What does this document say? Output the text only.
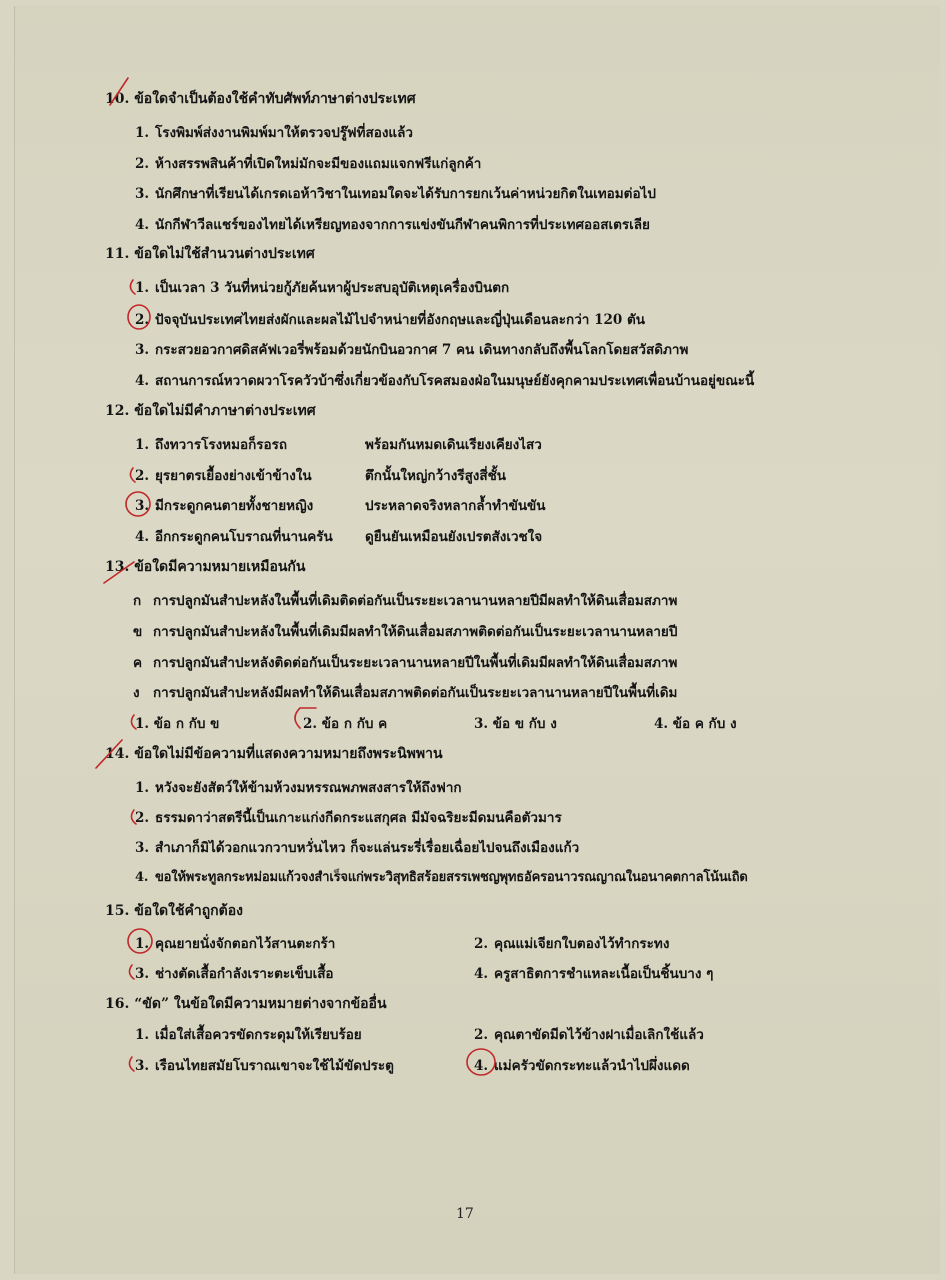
10. ข้อใดจำเป็นต้องใช้คำทับศัพท์ภาษาต่างประเทศ
1. โรงพิมพ์ส่งงานพิมพ์มาให้ตรวจปรู๊ฟที่สองแล้ว
2. ห้างสรรพสินค้าที่เปิดใหม่มักจะมีของแถมแจกฟรีแก่ลูกค้า
3. นักศึกษาที่เรียนได้เกรดเอห้าวิชาในเทอมใดจะได้รับการยกเว้นค่าหน่วยกิตในเทอมต่อไป
4. นักกีฬาวีลแชร์ของไทยได้เหรียญทองจากการแข่งขันกีฬาคนพิการที่ประเทศออสเตรเลีย
11. ข้อใดไม่ใช้สำนวนต่างประเทศ
1. เป็นเวลา 3 วันที่หน่วยกู้ภัยค้นหาผู้ประสบอุบัติเหตุเครื่องบินตก
2. ปัจจุบันประเทศไทยส่งผักและผลไม้ไปจำหน่ายที่อังกฤษและญี่ปุ่นเดือนละกว่า 120 ตัน
3. กระสวยอวกาศดิสคัฟเวอรี่พร้อมด้วยนักบินอวกาศ 7 คน เดินทางกลับถึงพื้นโลกโดยสวัสดิภาพ
4. สถานการณ์หวาดผวาโรควัวบ้าซึ่งเกี่ยวข้องกับโรคสมองฝ่อในมนุษย์ยังคุกคามประเทศเพื่อนบ้านอยู่ขณะนี้
12. ข้อใดไม่มีคำภาษาต่างประเทศ
1. ถึงทวารโรงหมอก็รอรถ	พร้อมกันหมดเดินเรียงเคียงไสว
2. ยุรยาตรเยื้องย่างเข้าข้างใน	ตึกนั้นใหญ่กว้างรีสูงสี่ชั้น
3. มีกระดูกคนตายทั้งชายหญิง	ประหลาดจริงหลากล้ำทำขันขัน
4. อีกกระดูกคนโบราณที่นานครัน ดูยืนยันเหมือนยังเปรตสังเวชใจ
13. ข้อใดมีความหมายเหมือนกัน
ก การปลูกมันสำปะหลังในพื้นที่เดิมติดต่อกันเป็นระยะเวลานานหลายปีมีผลทำให้ดินเสื่อมสภาพ
ข การปลูกมันสำปะหลังในพื้นที่เดิมมีผลทำให้ดินเสื่อมสภาพติดต่อกันเป็นระยะเวลานานหลายปี
ค การปลูกมันสำปะหลังติดต่อกันเป็นระยะเวลานานหลายปีในพื้นที่เดิมมีผลทำให้ดินเสื่อมสภาพ
ง การปลูกมันสำปะหลังมีผลทำให้ดินเสื่อมสภาพติดต่อกันเป็นระยะเวลานานหลายปีในพื้นที่เดิม
1. ข้อ ก กับ ข	2. ข้อ ก กับ ค	3. ข้อ ข กับ ง	4. ข้อ ค กับ ง
14. ข้อใดไม่มีข้อความที่แสดงความหมายถึงพระนิพพาน
1. หวังจะยังสัตว์ให้ข้ามห้วงมหรรณพภพสงสารให้ถึงฟาก
2. ธรรมดาว่าสตรีนี้เป็นเกาะแก่งกีดกระแสกุศล มีมัจฉริยะมีดมนคือตัวมาร
3. สำเภาก็มิได้วอกแวกวาบหวั่นไหว ก็จะแล่นระรี่เรื่อยเฉื่อยไปจนถึงเมืองแก้ว
4. ขอให้พระทูลกระหม่อมแก้วจงสำเร็จแก่พระวิสุทธิสร้อยสรรเพชญพุทธอัครอนาวรณญาณในอนาคตกาลโน้นเถิด
15. ข้อใดใช้คำถูกต้อง
1. คุณยายนั่งจักตอกไว้สานตะกร้า	2. คุณแม่เจียกใบตองไว้ทำกระทง
3. ช่างตัดเสื้อกำลังเราะตะเข็บเสื้อ	4. ครูสาธิตการชำแหละเนื้อเป็นชิ้นบาง ๆ
16. “ขัด” ในข้อใดมีความหมายต่างจากข้ออื่น
1. เมื่อใส่เสื้อควรขัดกระดุมให้เรียบร้อย	2. คุณตาขัดมีดไว้ข้างฝาเมื่อเลิกใช้แล้ว
3. เรือนไทยสมัยโบราณเขาจะใช้ไม้ขัดประตู	4. แม่ครัวขัดกระทะแล้วนำไปผึ่งแดด
17
